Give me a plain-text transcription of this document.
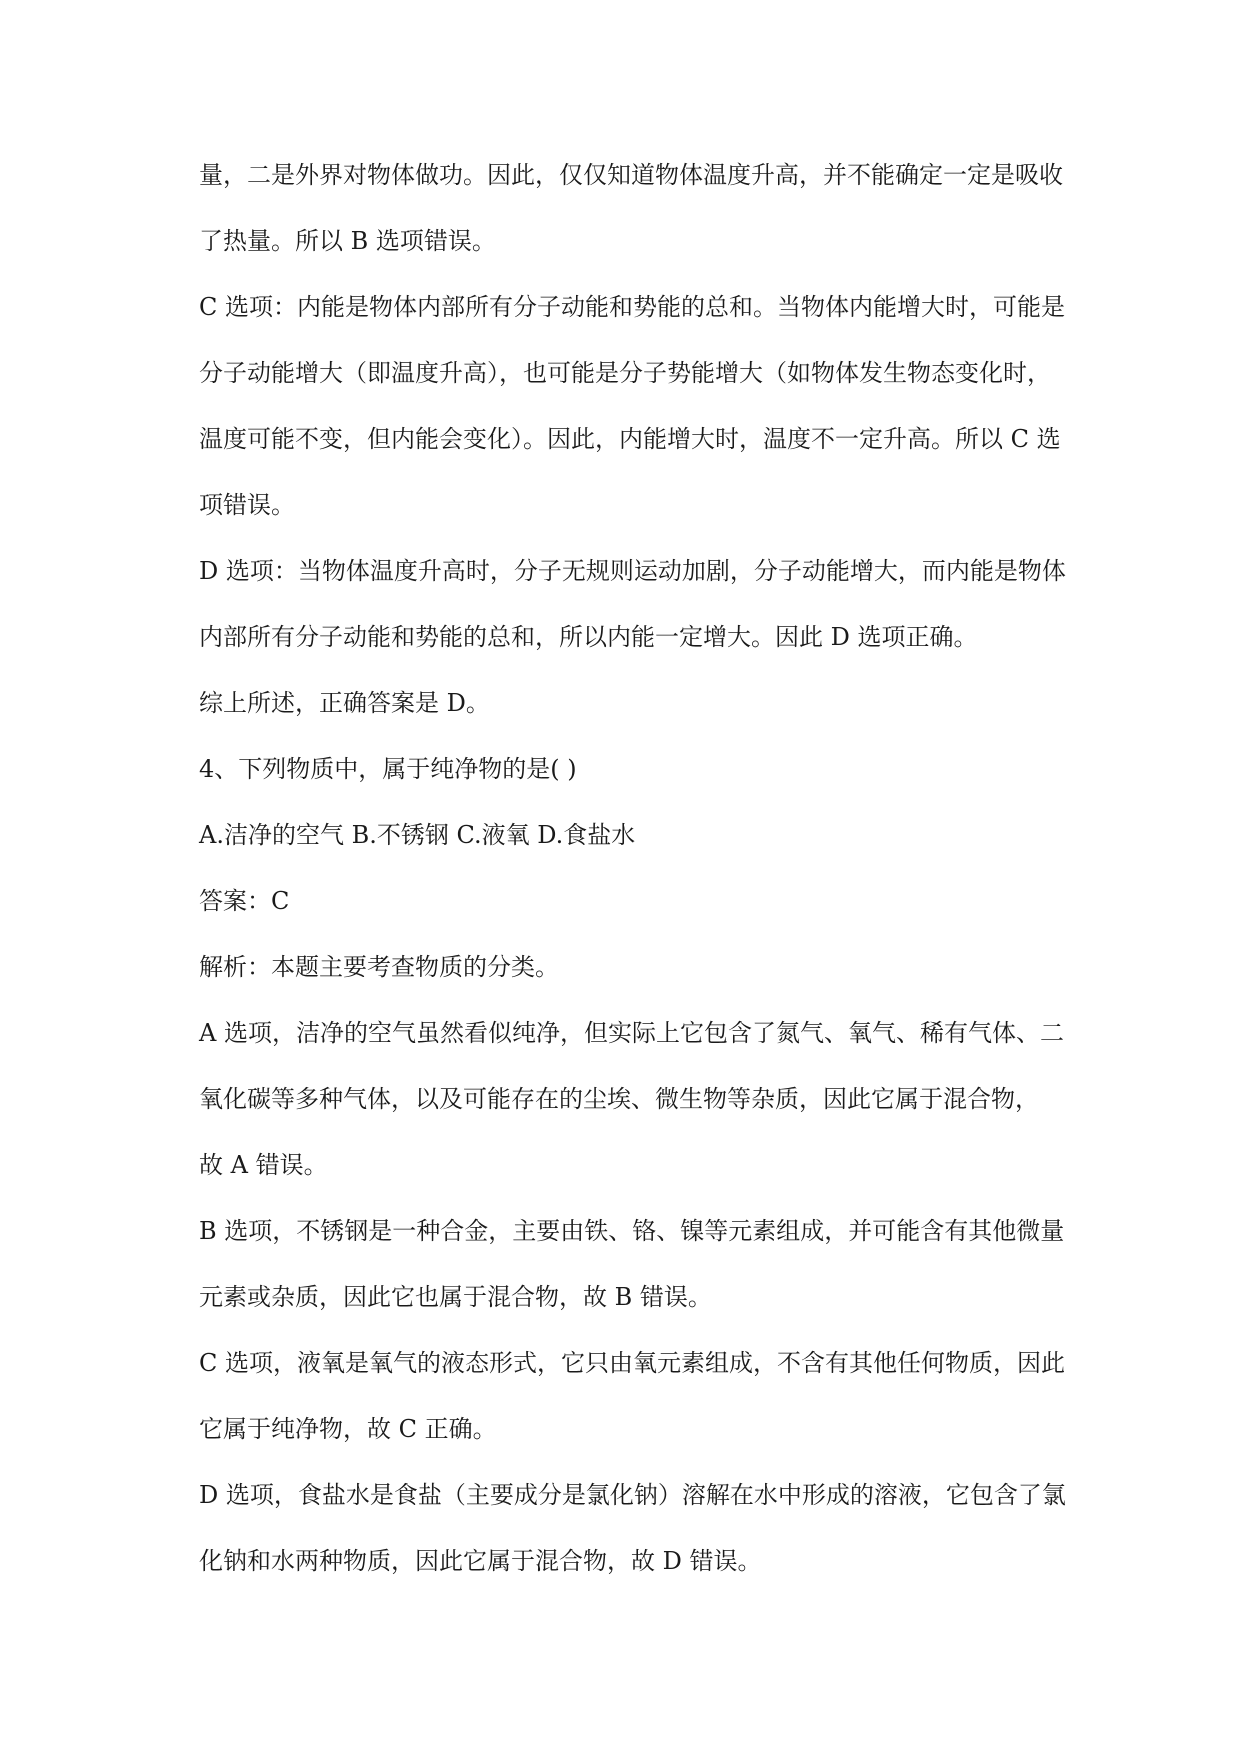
量，二是外界对物体做功。因此，仅仅知道物体温度升高，并不能确定一定是吸收
了热量。所以 B 选项错误。

C 选项：内能是物体内部所有分子动能和势能的总和。当物体内能增大时，可能是
分子动能增大（即温度升高），也可能是分子势能增大（如物体发生物态变化时，
温度可能不变，但内能会变化）。因此，内能增大时，温度不一定升高。所以 C 选
项错误。

D 选项：当物体温度升高时，分子无规则运动加剧，分子动能增大，而内能是物体
内部所有分子动能和势能的总和，所以内能一定增大。因此 D 选项正确。

综上所述，正确答案是 D。

4、下列物质中，属于纯净物的是( )

A.洁净的空气 B.不锈钢 C.液氧 D.食盐水

答案：C

解析：本题主要考查物质的分类。

A 选项，洁净的空气虽然看似纯净，但实际上它包含了氮气、氧气、稀有气体、二
氧化碳等多种气体，以及可能存在的尘埃、微生物等杂质，因此它属于混合物，
故 A 错误。

B 选项，不锈钢是一种合金，主要由铁、铬、镍等元素组成，并可能含有其他微量
元素或杂质，因此它也属于混合物，故 B 错误。

C 选项，液氧是氧气的液态形式，它只由氧元素组成，不含有其他任何物质，因此
它属于纯净物，故 C 正确。

D 选项，食盐水是食盐（主要成分是氯化钠）溶解在水中形成的溶液，它包含了氯
化钠和水两种物质，因此它属于混合物，故 D 错误。
